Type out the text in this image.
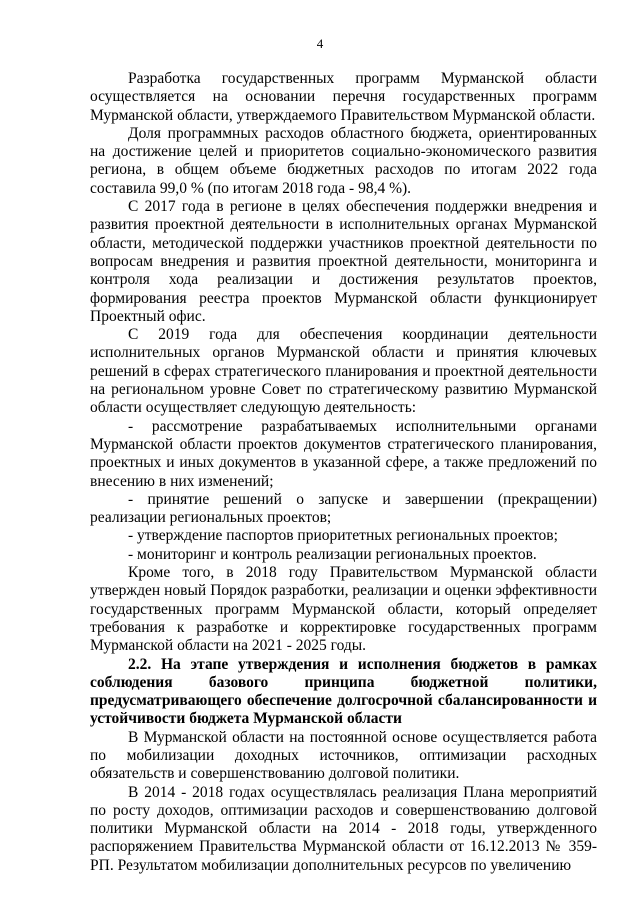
4

Разработка государственных программ Мурманской области осуществляется на основании перечня государственных программ Мурманской области, утверждаемого Правительством Мурманской области.

Доля программных расходов областного бюджета, ориентированных на достижение целей и приоритетов социально-экономического развития региона, в общем объеме бюджетных расходов по итогам 2022 года составила 99,0 % (по итогам 2018 года - 98,4 %).

С 2017 года в регионе в целях обеспечения поддержки внедрения и развития проектной деятельности в исполнительных органах Мурманской области, методической поддержки участников проектной деятельности по вопросам внедрения и развития проектной деятельности, мониторинга и контроля хода реализации и достижения результатов проектов, формирования реестра проектов Мурманской области функционирует Проектный офис.

С 2019 года для обеспечения координации деятельности исполнительных органов Мурманской области и принятия ключевых решений в сферах стратегического планирования и проектной деятельности на региональном уровне Совет по стратегическому развитию Мурманской области осуществляет следующую деятельность:

- рассмотрение разрабатываемых исполнительными органами Мурманской области проектов документов стратегического планирования, проектных и иных документов в указанной сфере, а также предложений по внесению в них изменений;

- принятие решений о запуске и завершении (прекращении) реализации региональных проектов;

- утверждение паспортов приоритетных региональных проектов;

- мониторинг и контроль реализации региональных проектов.

Кроме того, в 2018 году Правительством Мурманской области утвержден новый Порядок разработки, реализации и оценки эффективности государственных программ Мурманской области, который определяет требования к разработке и корректировке государственных программ Мурманской области на 2021 - 2025 годы.

2.2. На этапе утверждения и исполнения бюджетов в рамках соблюдения базового принципа бюджетной политики, предусматривающего обеспечение долгосрочной сбалансированности и устойчивости бюджета Мурманской области

В Мурманской области на постоянной основе осуществляется работа по мобилизации доходных источников, оптимизации расходных обязательств и совершенствованию долговой политики.

В 2014 - 2018 годах осуществлялась реализация Плана мероприятий по росту доходов, оптимизации расходов и совершенствованию долговой политики Мурманской области на 2014 - 2018 годы, утвержденного распоряжением Правительства Мурманской области от 16.12.2013 № 359-РП. Результатом мобилизации дополнительных ресурсов по увеличению
